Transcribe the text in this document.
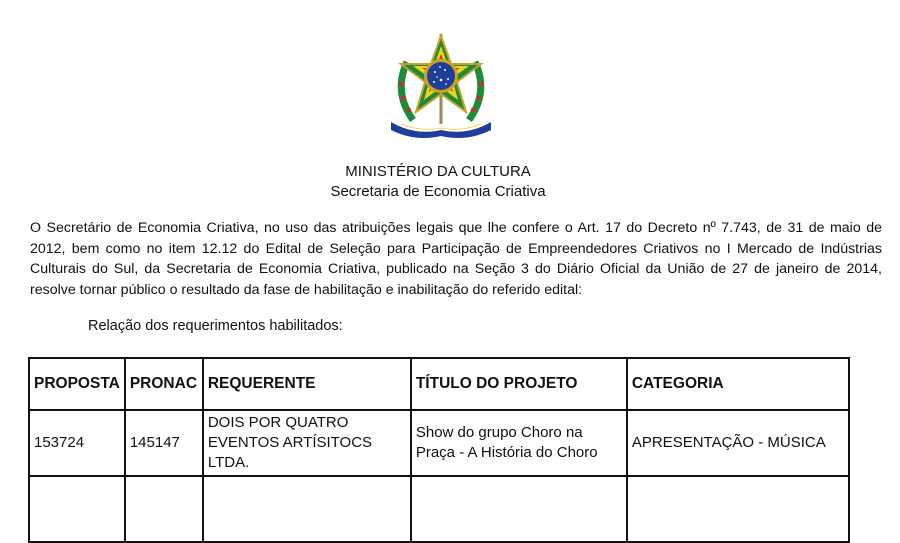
MINISTÉRIO DA CULTURA
Secretaria de Economia Criativa
O Secretário de Economia Criativa, no uso das atribuições legais que lhe confere o Art. 17 do Decreto nº 7.743, de 31 de maio de 2012, bem como no item 12.12 do Edital de Seleção para Participação de Empreendedores Criativos no I Mercado de Indústrias Culturais do Sul, da Secretaria de Economia Criativa, publicado na Seção 3 do Diário Oficial da União de 27 de janeiro de 2014, resolve tornar público o resultado da fase de habilitação e inabilitação do referido edital:
Relação dos requerimentos habilitados:
PROPOSTA	PRONAC	REQUERENTE	TÍTULO DO PROJETO	CATEGORIA
153724	145147	DOIS POR QUATRO EVENTOS ARTÍSITOCS LTDA.	Show do grupo Choro na Praça - A História do Choro	APRESENTAÇÃO - MÚSICA
